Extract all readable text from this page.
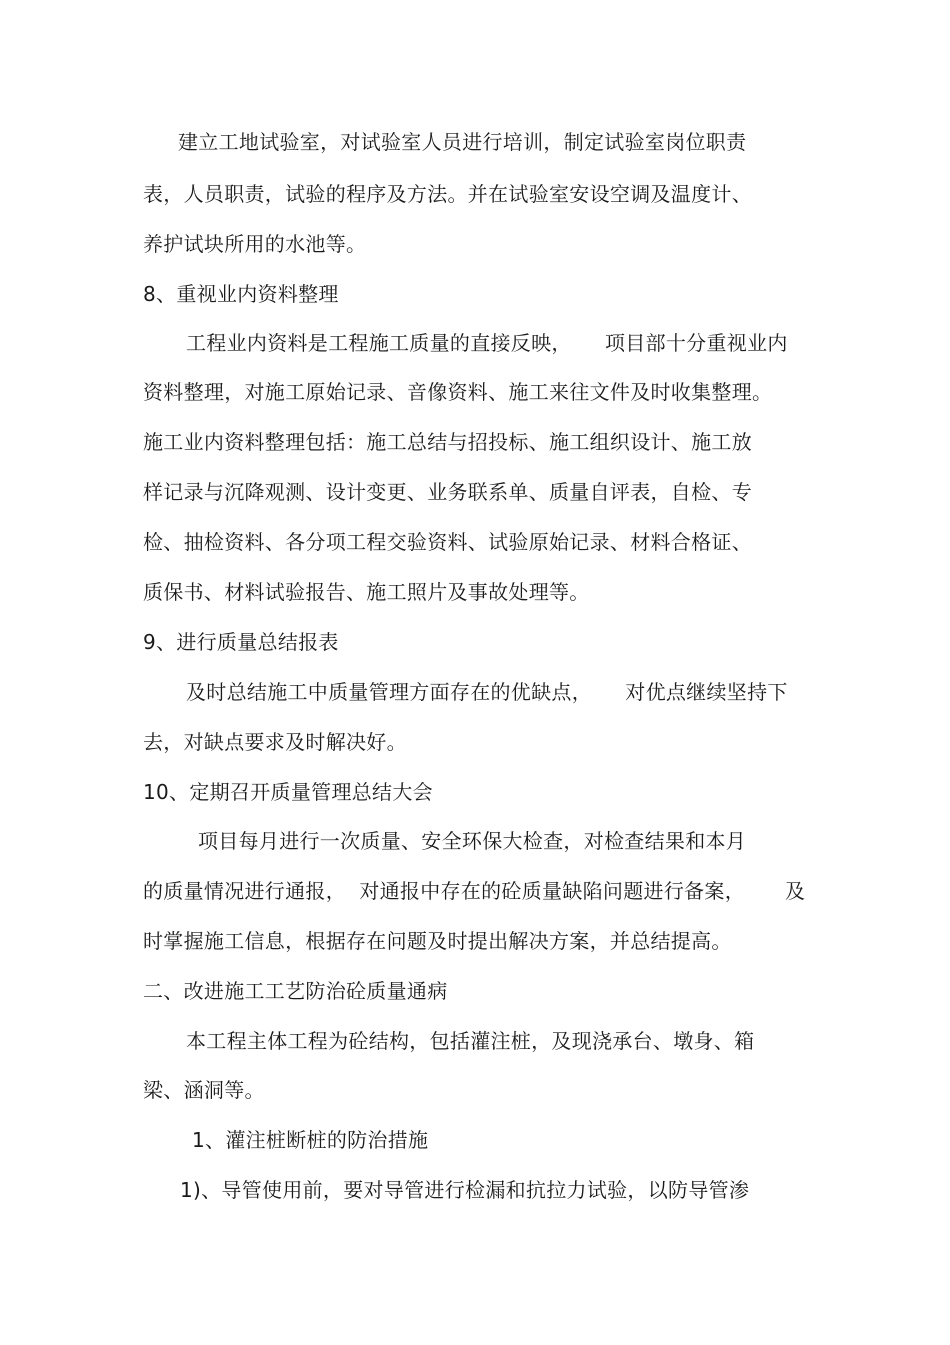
建立工地试验室，对试验室人员进行培训，制定试验室岗位职责
表，人员职责，试验的程序及方法。并在试验室安设空调及温度计、
养护试块所用的水池等。
8、重视业内资料整理
工程业内资料是工程施工质量的直接反映，     项目部十分重视业内
资料整理，对施工原始记录、音像资料、施工来往文件及时收集整理。
施工业内资料整理包括：施工总结与招投标、施工组织设计、施工放
样记录与沉降观测、设计变更、业务联系单、质量自评表，自检、专
检、抽检资料、各分项工程交验资料、试验原始记录、材料合格证、
质保书、材料试验报告、施工照片及事故处理等。
9、进行质量总结报表
及时总结施工中质量管理方面存在的优缺点，     对优点继续坚持下
去，对缺点要求及时解决好。
10、定期召开质量管理总结大会
项目每月进行一次质量、安全环保大检查，对检查结果和本月
的质量情况进行通报，  对通报中存在的砼质量缺陷问题进行备案，      及
时掌握施工信息，根据存在问题及时提出解决方案，并总结提高。
二、改进施工工艺防治砼质量通病
本工程主体工程为砼结构，包括灌注桩，及现浇承台、墩身、箱
梁、涵洞等。
1、灌注桩断桩的防治措施
1)、导管使用前，要对导管进行检漏和抗拉力试验，以防导管渗
